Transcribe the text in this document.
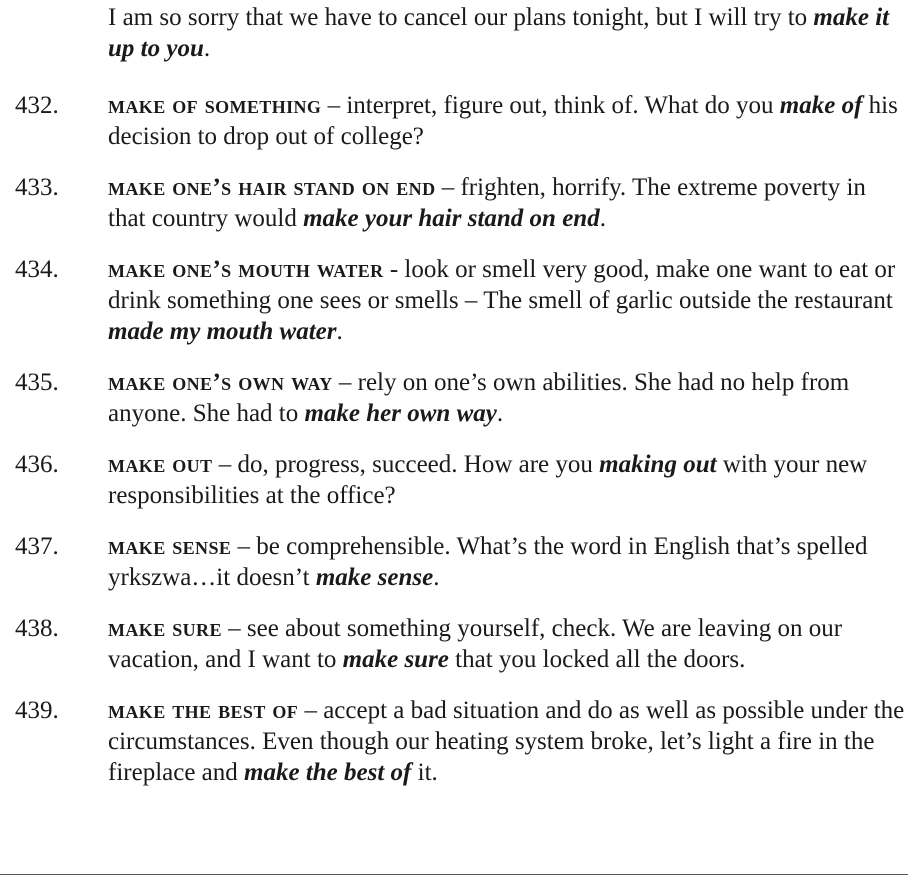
I am so sorry that we have to cancel our plans tonight, but I will try to make it up to you.
432.	make of something – interpret, figure out, think of. What do you make of his decision to drop out of college?
433.	make one’s hair stand on end – frighten, horrify. The extreme poverty in that country would make your hair stand on end.
434.	make one’s mouth water - look or smell very good, make one want to eat or drink something one sees or smells – The smell of garlic outside the restaurant made my mouth water.
435.	make one’s own way – rely on one’s own abilities. She had no help from anyone. She had to make her own way.
436.	make out – do, progress, succeed. How are you making out with your new responsibilities at the office?
437.	make sense – be comprehensible. What’s the word in English that’s spelled yrkszwa…it doesn’t make sense.
438.	make sure – see about something yourself, check. We are leaving on our vacation, and I want to make sure that you locked all the doors.
439.	make the best of – accept a bad situation and do as well as possible under the circumstances. Even though our heating system broke, let’s light a fire in the fireplace and make the best of it.
